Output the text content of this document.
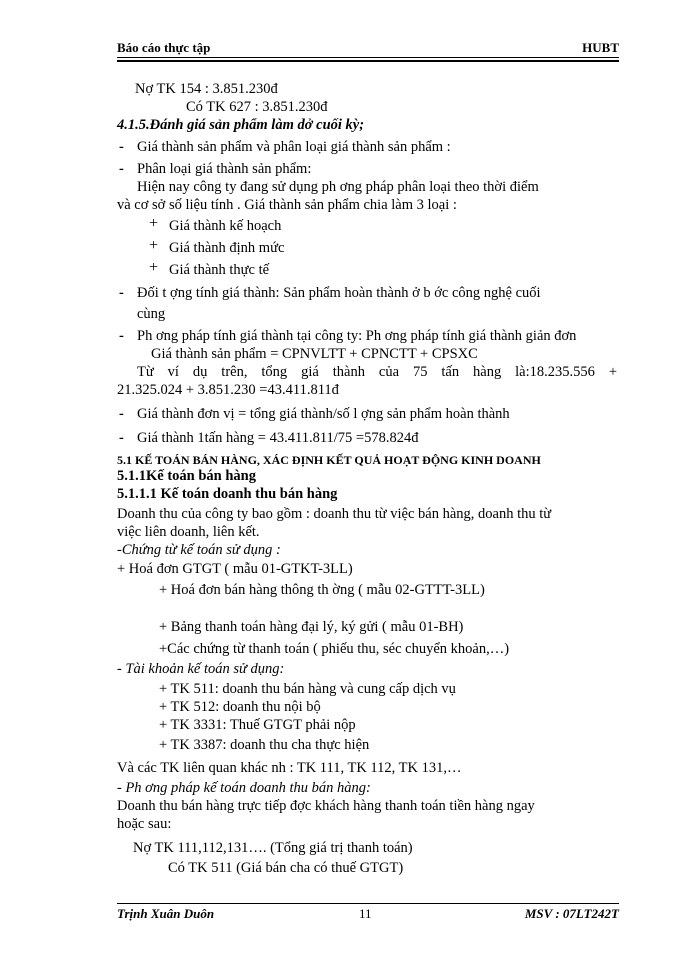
Báo cáo thực tập	HUBT
Nợ TK 154 : 3.851.230đ
Có TK 627 : 3.851.230đ
4.1.5.Đánh giá sản phẩm làm dở cuối kỳ;
- Giá thành sản phẩm và phân loại giá thành sản phẩm :
- Phân loại giá thành sản phẩm:
Hiện nay công ty đang sử dụng ph ơng pháp phân loại theo thời điểm
và cơ sở số liệu tính . Giá thành sản phẩm chia làm 3 loại :
+ Giá thành kế hoạch
+ Giá thành định mức
+ Giá thành thực tế
- Đối t ợng tính giá thành: Sản phẩm hoàn thành ở b ớc công nghệ cuối
cùng
- Ph ơng pháp tính giá thành tại công ty: Ph ơng pháp tính giá thành giản đơn
Giá thành sản phẩm = CPNVLTT + CPNCTT + CPSXC
Từ ví dụ trên, tổng giá thành của 75 tấn hàng là:18.235.556 +
21.325.024 + 3.851.230 =43.411.811đ
- Giá thành đơn vị = tổng giá thành/số l ợng sản phẩm hoàn thành
- Giá thành 1tấn hàng = 43.411.811/75 =578.824đ
5.1 KẾ TOÁN BÁN HÀNG, XÁC ĐỊNH KẾT QUẢ HOẠT ĐỘNG KINH DOANH
5.1.1Kế toán bán hàng
5.1.1.1 Kế toán doanh thu bán hàng
Doanh thu của công ty bao gồm : doanh thu từ việc bán hàng, doanh thu từ
việc liên doanh, liên kết.
-Chứng từ kế toán sử dụng :
+ Hoá đơn GTGT ( mẫu 01-GTKT-3LL)
+ Hoá đơn bán hàng thông th ờng ( mẫu 02-GTTT-3LL)
+ Bảng thanh toán hàng đại lý, ký gửi ( mẫu 01-BH)
+Các chứng từ thanh toán ( phiếu thu, séc chuyển khoản,…)
- Tài khoản kế toán sử dụng:
+ TK 511: doanh thu bán hàng và cung cấp dịch vụ
+ TK 512: doanh thu nội bộ
+ TK 3331: Thuế GTGT phải nộp
+ TK 3387: doanh thu cha thực hiện
Và các TK liên quan khác nh : TK 111, TK 112, TK 131,…
- Ph ơng pháp kế toán doanh thu bán hàng:
Doanh thu bán hàng trực tiếp đợc khách hàng thanh toán tiền hàng ngay
hoặc sau:
Nợ TK 111,112,131…. (Tổng giá trị thanh toán)
Có TK 511 (Giá bán cha có thuế GTGT)
Trịnh Xuân Duôn	11	MSV : 07LT242T
